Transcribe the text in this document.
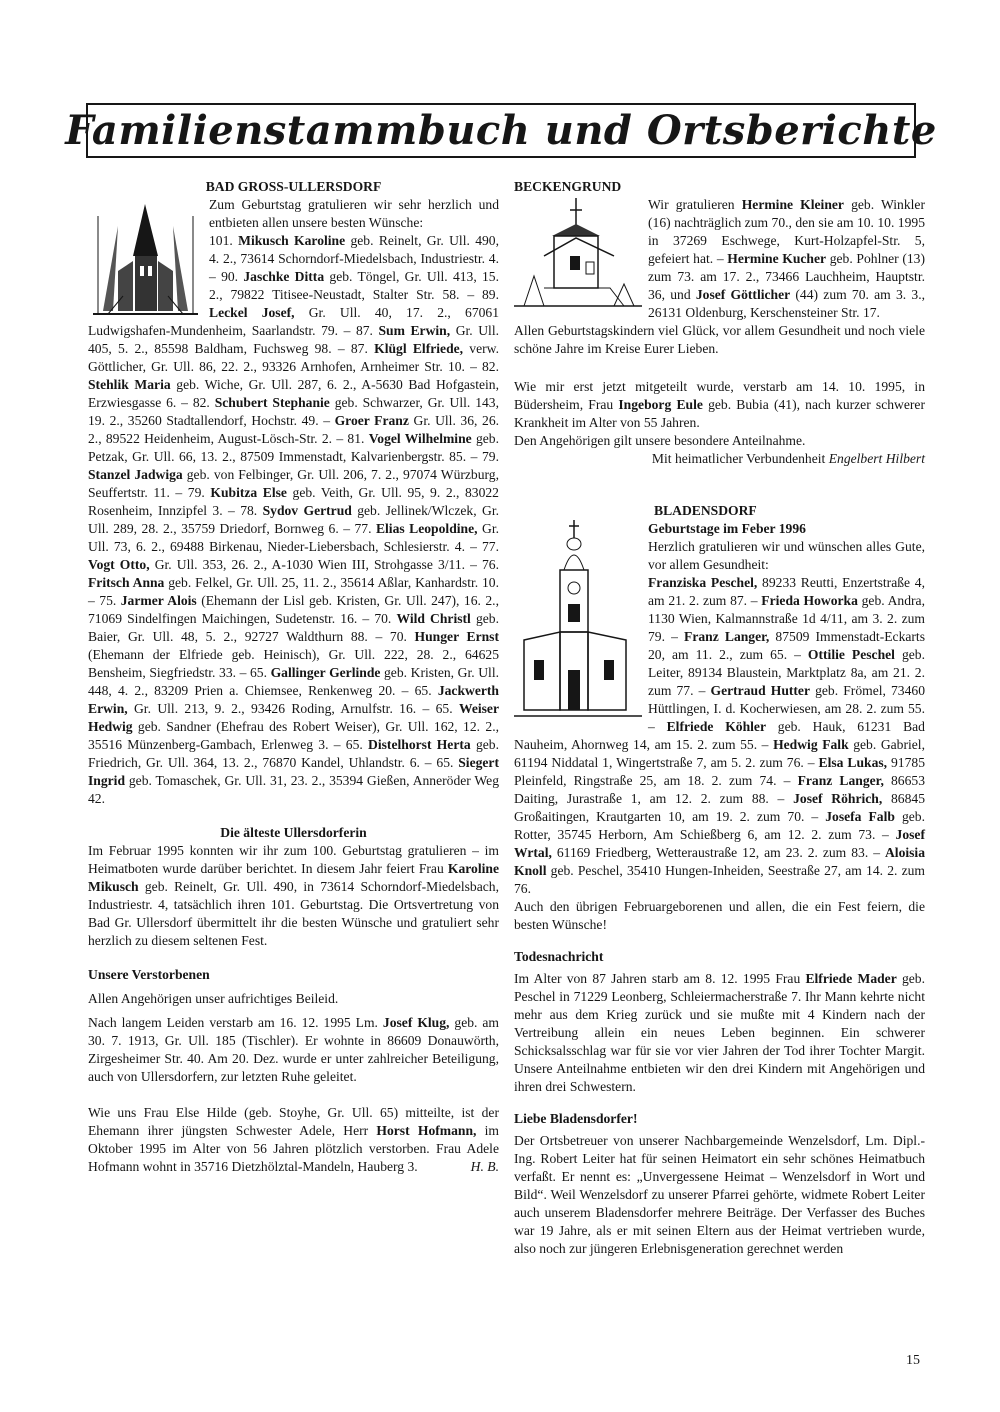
Familienstammbuch und Ortsberichte
BAD GROSS-ULLERSDORF

Zum Geburtstag gratulieren wir sehr herzlich und entbieten allen unsere besten Wünsche:

101. Mikusch Karoline geb. Reinelt, Gr. Ull. 490, 4. 2., 73614 Schorndorf-Miedelsbach, Industriestr. 4. – 90. Jaschke Ditta geb. Töngel, Gr. Ull. 413, 15. 2., 79822 Titisee-Neustadt, Stalter Str. 58. – 89. Leckel Josef, Gr. Ull. 40, 17. 2., 67061 Ludwigshafen-Mundenheim, Saarlandstr. 79. – 87. Sum Erwin, Gr. Ull. 405, 5. 2., 85598 Baldham, Fuchsweg 98. – 87. Klügl Elfriede, verw. Göttlicher, Gr. Ull. 86, 22. 2., 93326 Arnhofen, Arnheimer Str. 10. – 82. Stehlik Maria geb. Wiche, Gr. Ull. 287, 6. 2., A-5630 Bad Hofgastein, Erzwiesgasse 6. – 82. Schubert Stephanie geb. Schwarzer, Gr. Ull. 143, 19. 2., 35260 Stadtallendorf, Hochstr. 49. – Groer Franz Gr. Ull. 36, 26. 2., 89522 Heidenheim, August-Lösch-Str. 2. – 81. Vogel Wilhelmine geb. Petzak, Gr. Ull. 66, 13. 2., 87509 Immenstadt, Kalvarienbergstr. 85. – 79. Stanzel Jadwiga geb. von Felbinger, Gr. Ull. 206, 7. 2., 97074 Würzburg, Seuffertstr. 11. – 79. Kubitza Else geb. Veith, Gr. Ull. 95, 9. 2., 83022 Rosenheim, Innzipfel 3. – 78. Sydov Gertrud geb. Jellinek/Wlczek, Gr. Ull. 289, 28. 2., 35759 Driedorf, Bornweg 6. – 77. Elias Leopoldine, Gr. Ull. 73, 6. 2., 69488 Birkenau, Nieder-Liebersbach, Schlesierstr. 4. – 77. Vogt Otto, Gr. Ull. 353, 26. 2., A-1030 Wien III, Strohgasse 3/11. – 76. Fritsch Anna geb. Felkel, Gr. Ull. 25, 11. 2., 35614 Aßlar, Kanhardstr. 10. – 75. Jarmer Alois (Ehemann der Lisl geb. Kristen, Gr. Ull. 247), 16. 2., 71069 Sindelfingen Maichingen, Sudetenstr. 16. – 70. Wild Christl geb. Baier, Gr. Ull. 48, 5. 2., 92727 Waldthurn 88. – 70. Hunger Ernst (Ehemann der Elfriede geb. Heinisch), Gr. Ull. 222, 28. 2., 64625 Bensheim, Siegfriedstr. 33. – 65. Gallinger Gerlinde geb. Kristen, Gr. Ull. 448, 4. 2., 83209 Prien a. Chiemsee, Renkenweg 20. – 65. Jackwerth Erwin, Gr. Ull. 213, 9. 2., 93426 Roding, Arnulfstr. 16. – 65. Weiser Hedwig geb. Sandner (Ehefrau des Robert Weiser), Gr. Ull. 162, 12. 2., 35516 Münzenberg-Gambach, Erlenweg 3. – 65. Distelhorst Herta geb. Friedrich, Gr. Ull. 364, 13. 2., 76870 Kandel, Uhlandstr. 6. – 65. Siegert Ingrid geb. Tomaschek, Gr. Ull. 31, 23. 2., 35394 Gießen, Anneröder Weg 42.

Die älteste Ullersdorferin

Im Februar 1995 konnten wir ihr zum 100. Geburtstag gratulieren – im Heimatboten wurde darüber berichtet. In diesem Jahr feiert Frau Karoline Mikusch geb. Reinelt, Gr. Ull. 490, in 73614 Schorndorf-Miedelsbach, Industriestr. 4, tatsächlich ihren 101. Geburtstag. Die Ortsvertretung von Bad Gr. Ullersdorf übermittelt ihr die besten Wünsche und gratuliert sehr herzlich zu diesem seltenen Fest.

Unsere Verstorbenen

Allen Angehörigen unser aufrichtiges Beileid.

Nach langem Leiden verstarb am 16. 12. 1995 Lm. Josef Klug, geb. am 30. 7. 1913, Gr. Ull. 185 (Tischler). Er wohnte in 86609 Donauwörth, Zirgesheimer Str. 40. Am 20. Dez. wurde er unter zahlreicher Beteiligung, auch von Ullersdorfern, zur letzten Ruhe geleitet.

Wie uns Frau Else Hilde (geb. Stoyhe, Gr. Ull. 65) mitteilte, ist der Ehemann ihrer jüngsten Schwester Adele, Herr Horst Hofmann, im Oktober 1995 im Alter von 56 Jahren plötzlich verstorben. Frau Adele Hofmann wohnt in 35716 Dietzhölztal-Mandeln, Hauberg 3.	H. B.

BECKENGRUND

Wir gratulieren Hermine Kleiner geb. Winkler (16) nachträglich zum 70., den sie am 10. 10. 1995 in 37269 Eschwege, Kurt-Holzapfel-Str. 5, gefeiert hat. – Hermine Kucher geb. Pohlner (13) zum 73. am 17. 2., 73466 Lauchheim, Hauptstr. 36, und Josef Göttlicher (44) zum 70. am 3. 3., 26131 Oldenburg, Kerschensteiner Str. 17.

Allen Geburtstagskindern viel Glück, vor allem Gesundheit und noch viele schöne Jahre im Kreise Eurer Lieben.

Wie mir erst jetzt mitgeteilt wurde, verstarb am 14. 10. 1995, in Büdersheim, Frau Ingeborg Eule geb. Bubia (41), nach kurzer schwerer Krankheit im Alter von 55 Jahren.

Den Angehörigen gilt unsere besondere Anteilnahme.

Mit heimatlicher Verbundenheit Engelbert Hilbert

BLADENSDORF

Geburtstage im Feber 1996

Herzlich gratulieren wir und wünschen alles Gute, vor allem Gesundheit:

Franziska Peschel, 89233 Reutti, Enzertstraße 4, am 21. 2. zum 87. – Frieda Howorka geb. Andra, 1130 Wien, Kalmannstraße 1d 4/11, am 3. 2. zum 79. – Franz Langer, 87509 Immenstadt-Eckarts 20, am 11. 2., zum 65. – Ottilie Peschel geb. Leiter, 89134 Blaustein, Marktplatz 8a, am 21. 2. zum 77. – Gertraud Hutter geb. Frömel, 73460 Hüttlingen, I. d. Kocherwiesen, am 28. 2. zum 55. – Elfriede Köhler geb. Hauk, 61231 Bad Nauheim, Ahornweg 14, am 15. 2. zum 55. – Hedwig Falk geb. Gabriel, 61194 Niddatal 1, Wingertstraße 7, am 5. 2. zum 76. – Elsa Lukas, 91785 Pleinfeld, Ringstraße 25, am 18. 2. zum 74. – Franz Langer, 86653 Daiting, Jurastraße 1, am 12. 2. zum 88. – Josef Röhrich, 86845 Großaitingen, Krautgarten 10, am 19. 2. zum 70. – Josefa Falb geb. Rotter, 35745 Herborn, Am Schießberg 6, am 12. 2. zum 73. – Josef Wrtal, 61169 Friedberg, Wetteraustraße 12, am 23. 2. zum 83. – Aloisia Knoll geb. Peschel, 35410 Hungen-Inheiden, Seestraße 27, am 14. 2. zum 76.

Auch den übrigen Februargeborenen und allen, die ein Fest feiern, die besten Wünsche!

Todesnachricht

Im Alter von 87 Jahren starb am 8. 12. 1995 Frau Elfriede Mader geb. Peschel in 71229 Leonberg, Schleiermacherstraße 7. Ihr Mann kehrte nicht mehr aus dem Krieg zurück und sie mußte mit 4 Kindern nach der Vertreibung allein ein neues Leben beginnen. Ein schwerer Schicksalsschlag war für sie vor vier Jahren der Tod ihrer Tochter Margit. Unsere Anteilnahme entbieten wir den drei Kindern mit Angehörigen und ihren drei Schwestern.

Liebe Bladensdorfer!

Der Ortsbetreuer von unserer Nachbargemeinde Wenzelsdorf, Lm. Dipl.-Ing. Robert Leiter hat für seinen Heimatort ein sehr schönes Heimatbuch verfaßt. Er nennt es: „Unvergessene Heimat – Wenzelsdorf in Wort und Bild“. Weil Wenzelsdorf zu unserer Pfarrei gehörte, widmete Robert Leiter auch unserem Bladensdorfer mehrere Beiträge. Der Verfasser des Buches war 19 Jahre, als er mit seinen Eltern aus der Heimat vertrieben wurde, also noch zur jüngeren Erlebnisgeneration gerechnet werden

15
